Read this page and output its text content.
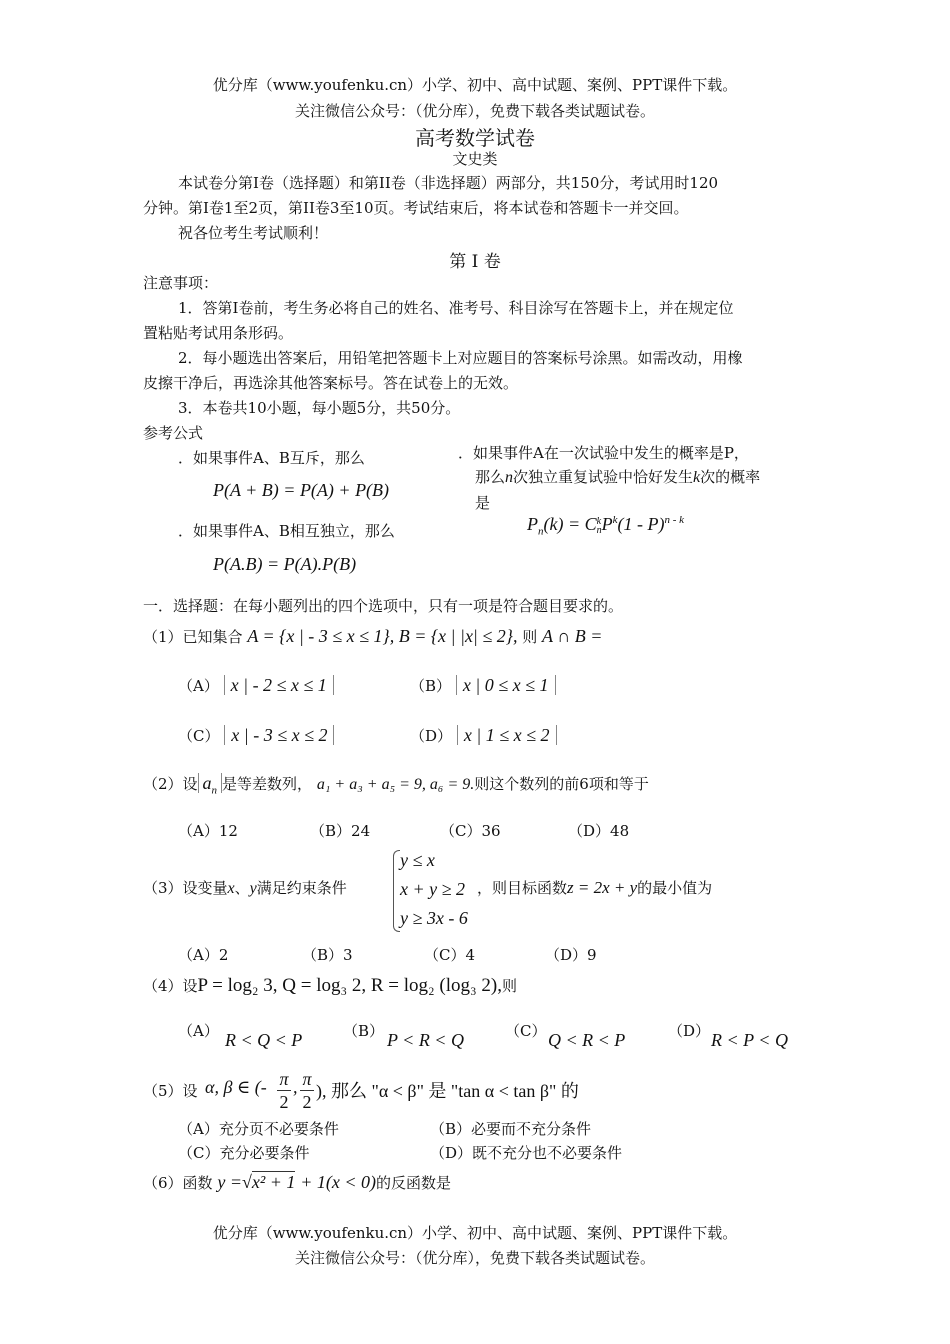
优分库（www.youfenku.cn）小学、初中、高中试题、案例、PPT课件下载。
关注微信公众号：（优分库），免费下载各类试题试卷。
高考数学试卷
文史类
本试卷分第I卷（选择题）和第II卷（非选择题）两部分，共150分，考试用时120
分钟。第I卷1至2页，第II卷3至10页。考试结束后，将本试卷和答题卡一并交回。
祝各位考生考试顺利！
第 I 卷
注意事项：
1．答第I卷前，考生务必将自己的姓名、准考号、科目涂写在答题卡上，并在规定位
置粘贴考试用条形码。
2．每小题选出答案后，用铅笔把答题卡上对应题目的答案标号涂黑。如需改动，用橡
皮擦干净后，再选涂其他答案标号。答在试卷上的无效。
3．本卷共10小题，每小题5分，共50分。
参考公式
．如果事件A、B互斥，那么
P(A + B) = P(A) + P(B)
．如果事件A、B相互独立，那么
P(A.B) = P(A).P(B)
．如果事件A在一次试验中发生的概率是P，
那么n次独立重复试验中恰好发生k次的概率
是
$P_n(k) = C$ k
n $P^k(1 - P)^{n - k}$
一．选择题：在每小题列出的四个选项中，只有一项是符合题目要求的。
（1）已知集合 A = {x | - 3 ≤ x ≤ 1}, B = {x | |x| ≤ 2}, 则 A ∩ B =
（A） x | - 2 ≤ x ≤ 1	（B） x | 0 ≤ x ≤ 1
（C） x | - 3 ≤ x ≤ 2	（D） x | 1 ≤ x ≤ 2
（2）设 $a_n$ 是等差数列， a₁ + a₃ + a₅ = 9, a₆ = 9.则这个数列的前6项和等于
（A）12	（B）24	（C）36	（D）48
（3）设变量x、y满足约束条件
y ≤ x
x + y ≥ 2
y ≥ 3x - 6
，则目标函数z = 2x + y的最小值为
（A）2	（B）3	（C）4	（D）9
（4）设P = log₂ 3, Q = log₃ 2, R = log₂ (log₃ 2),则
（A） R < Q < P	（B） P < R < Q	（C） Q < R < P	（D） R < P < Q
（5）设 α, β ∈ (- π
2
, π
2
), 那么 "α < β" 是 "tan α < tan β" 的
（A）充分页不必要条件	（B）必要而不充分条件
（C）充分必要条件	（D）既不充分也不必要条件
（6）函数 y =√x² + 1 + 1(x < 0)的反函数是
优分库（www.youfenku.cn）小学、初中、高中试题、案例、PPT课件下载。
关注微信公众号：（优分库），免费下载各类试题试卷。
